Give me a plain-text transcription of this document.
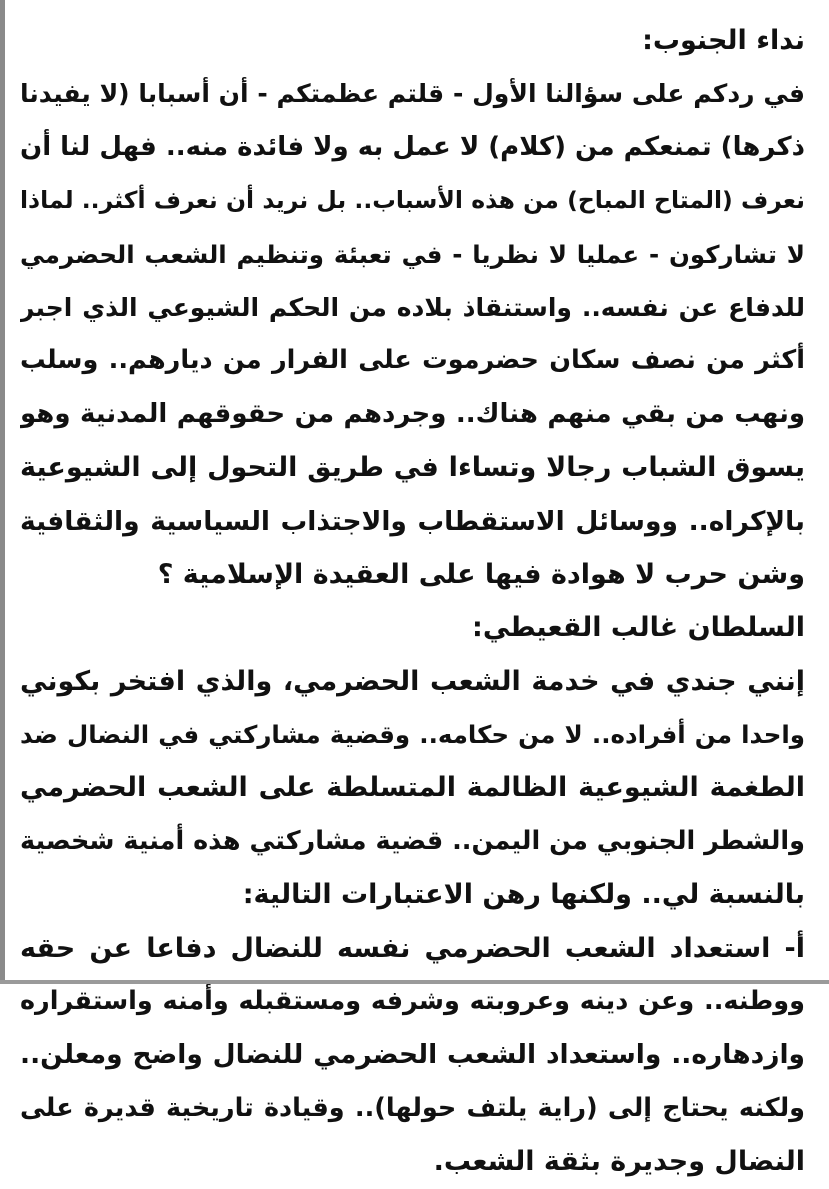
نداء الجنوب:
في ردكم على سؤالنا الأول - قلتم عظمتكم - أن أسبابا (لا يفيدنا
ذكرها) تمنعكم من (كلام) لا عمل به ولا فائدة منه.. فهل لنا أن
نعرف (المتاح المباح) من هذه الأسباب.. بل نريد أن نعرف أكثر.. لماذا
لا تشاركون - عمليا لا نظريا - في تعبئة وتنظيم الشعب الحضرمي
للدفاع عن نفسه.. واستنقاذ بلاده من الحكم الشيوعي الذي اجبر
أكثر من نصف سكان حضرموت على الفرار من ديارهم.. وسلب
ونهب من بقي منهم هناك.. وجردهم من حقوقهم المدنية وهو
يسوق الشباب رجالا وتساءا في طريق التحول إلى الشيوعية
بالإكراه.. ووسائل الاستقطاب والاجتذاب السياسية والثقافية
وشن حرب لا هوادة فيها على العقيدة الإسلامية ؟
السلطان غالب القعيطي:
إنني جندي في خدمة الشعب الحضرمي، والذي افتخر بكوني
واحدا من أفراده.. لا من حكامه.. وقضية مشاركتي في النضال ضد
الطغمة الشيوعية الظالمة المتسلطة على الشعب الحضرمي
والشطر الجنوبي من اليمن.. قضية مشاركتي هذه أمنية شخصية
بالنسبة لي.. ولكنها رهن الاعتبارات التالية:
أ- استعداد الشعب الحضرمي نفسه للنضال دفاعا عن حقه
ووطنه.. وعن دينه وعروبته وشرفه ومستقبله وأمنه واستقراره
وازدهاره.. واستعداد الشعب الحضرمي للنضال واضح ومعلن..
ولكنه يحتاج إلى (راية يلتف حولها).. وقيادة تاريخية قديرة على
النضال وجديرة بثقة الشعب.
